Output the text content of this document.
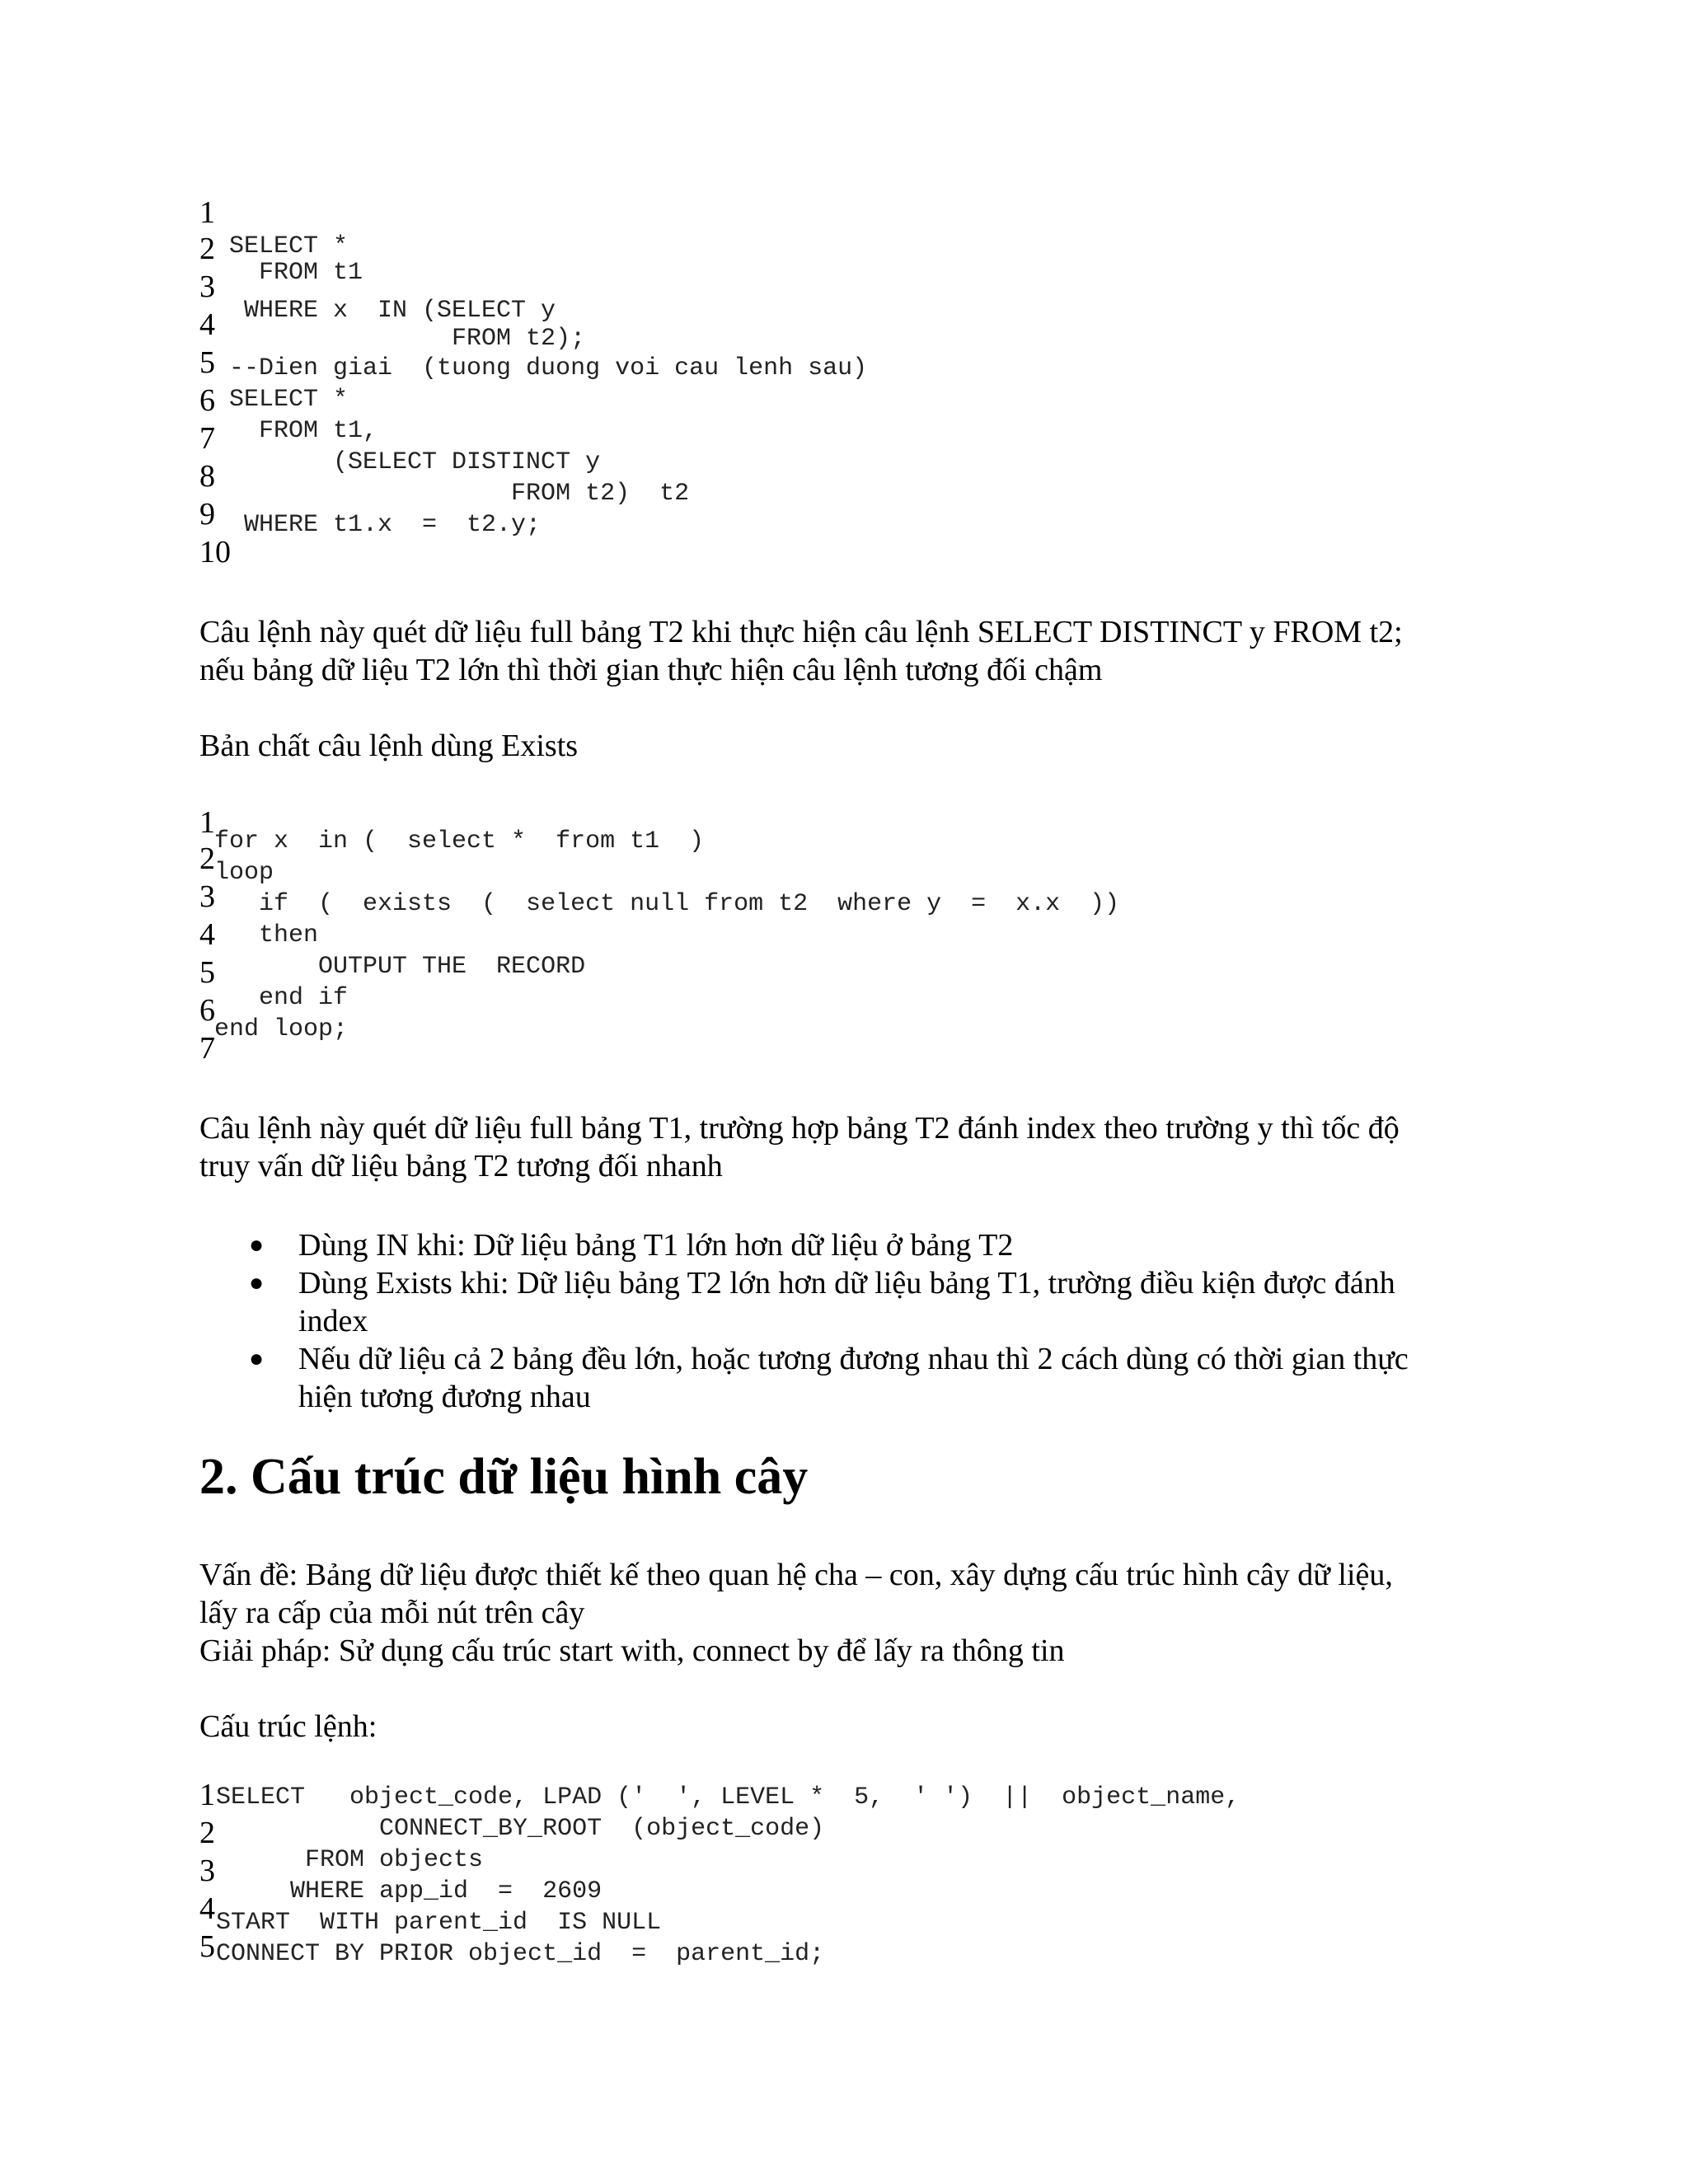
1
2 SELECT *
3 FROM t1
4 WHERE x  IN (SELECT y
FROM t2);
5 --Dien giai  (tuong duong voi cau lenh sau)
6 SELECT *
7 FROM t1,
(SELECT DISTINCT y
8 FROM t2)  t2
9 WHERE t1.x  =  t2.y;
10

Câu lệnh này quét dữ liệu full bảng T2 khi thực hiện câu lệnh SELECT DISTINCT y FROM t2;
nếu bảng dữ liệu T2 lớn thì thời gian thực hiện câu lệnh tương đối chậm

Bản chất câu lệnh dùng Exists

1
2 for x  in (  select *  from t1  )
loop
3 if  (  exists  (  select null from t2  where y  =  x.x  ))
4 then
5 OUTPUT THE  RECORD
6 end if
7
end loop;

Câu lệnh này quét dữ liệu full bảng T1, trường hợp bảng T2 đánh index theo trường y thì tốc độ
truy vấn dữ liệu bảng T2 tương đối nhanh

● Dùng IN khi: Dữ liệu bảng T1 lớn hơn dữ liệu ở bảng T2
● Dùng Exists khi: Dữ liệu bảng T2 lớn hơn dữ liệu bảng T1, trường điều kiện được đánh
index
● Nếu dữ liệu cả 2 bảng đều lớn, hoặc tương đương nhau thì 2 cách dùng có thời gian thực
hiện tương đương nhau
2. Cấu trúc dữ liệu hình cây

Vấn đề: Bảng dữ liệu được thiết kế theo quan hệ cha – con, xây dựng cấu trúc hình cây dữ liệu,
lấy ra cấp của mỗi nút trên cây
Giải pháp: Sử dụng cấu trúc start with, connect by để lấy ra thông tin

Cấu trúc lệnh:

1 SELECT   object_code, LPAD ('  ', LEVEL *  5,  ' ')  ||  object_name,
2 CONNECT_BY_ROOT  (object_code)
3 FROM objects
WHERE app_id  =  2609
4 START  WITH parent_id  IS NULL
5 CONNECT BY PRIOR object_id  =  parent_id;
